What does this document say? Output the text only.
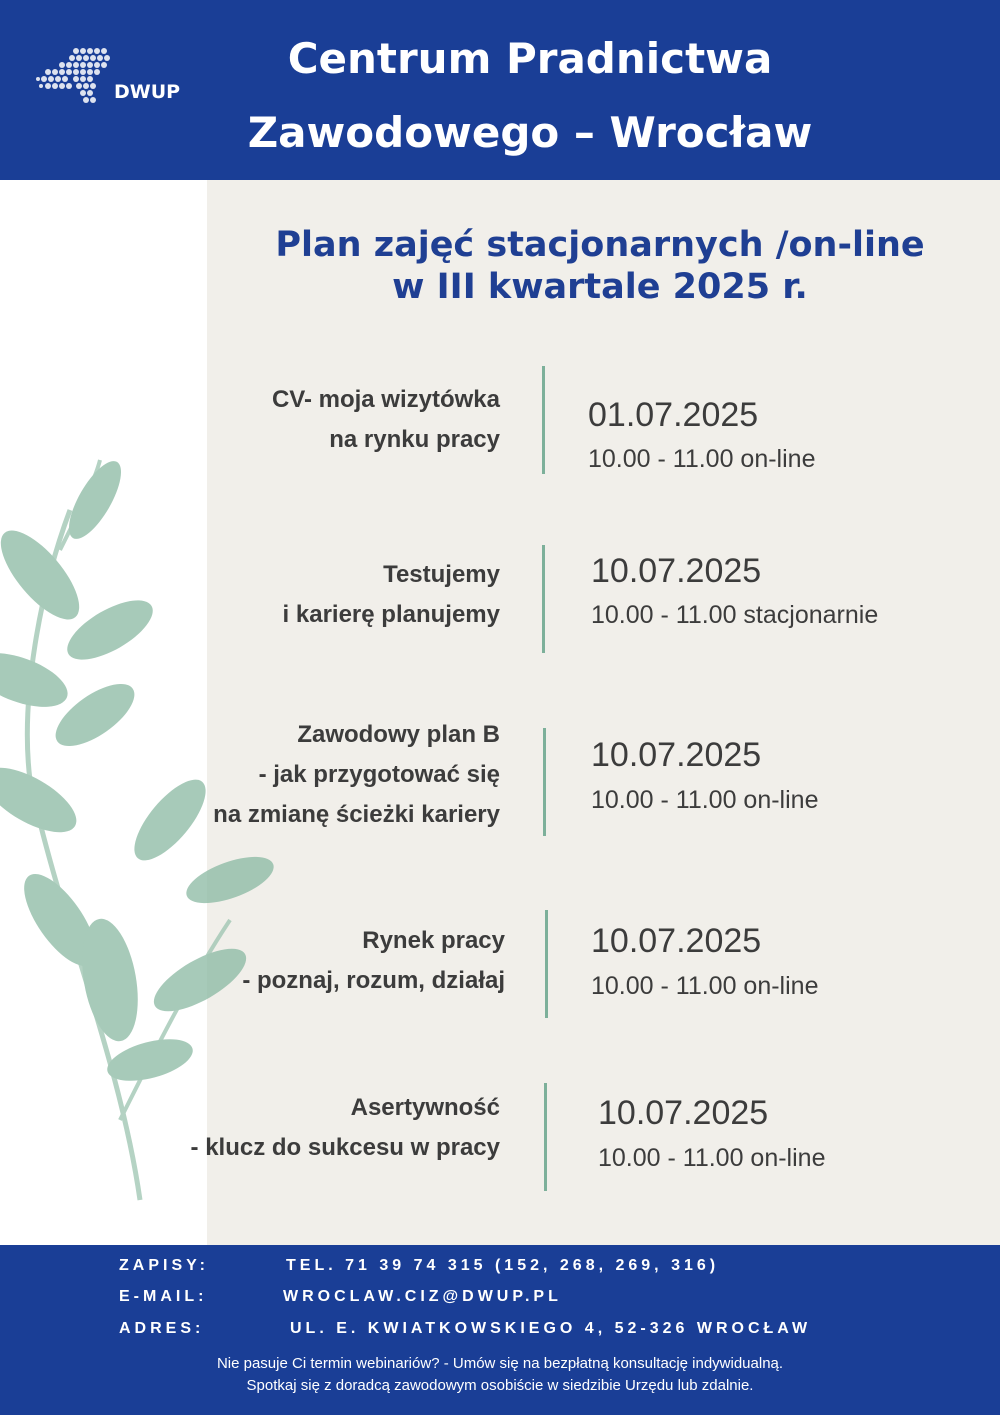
DWUP
Centrum Pradnictwa
Zawodowego – Wrocław
Plan zajęć stacjonarnych /on-line
w III kwartale 2025 r.
CV- moja wizytówka
na rynku pracy
01.07.2025
10.00 - 11.00 on-line
Testujemy
i karierę planujemy
10.07.2025
10.00 - 11.00 stacjonarnie
Zawodowy plan B
- jak przygotować się
na zmianę ścieżki kariery
10.07.2025
10.00 - 11.00 on-line
Rynek pracy
- poznaj, rozum, działaj
10.07.2025
10.00 - 11.00 on-line
Asertywność
- klucz do sukcesu w pracy
10.07.2025
10.00 - 11.00 on-line
ZAPISY:	TEL. 71 39 74 315 (152, 268, 269, 316)
E-MAIL:	WROCLAW.CIZ@DWUP.PL
ADRES:	UL. E. KWIATKOWSKIEGO 4, 52-326 WROCŁAW
Nie pasuje Ci termin webinariów? - Umów się na bezpłatną konsultację indywidualną.
Spotkaj się z doradcą zawodowym osobiście w siedzibie Urzędu lub zdalnie.
